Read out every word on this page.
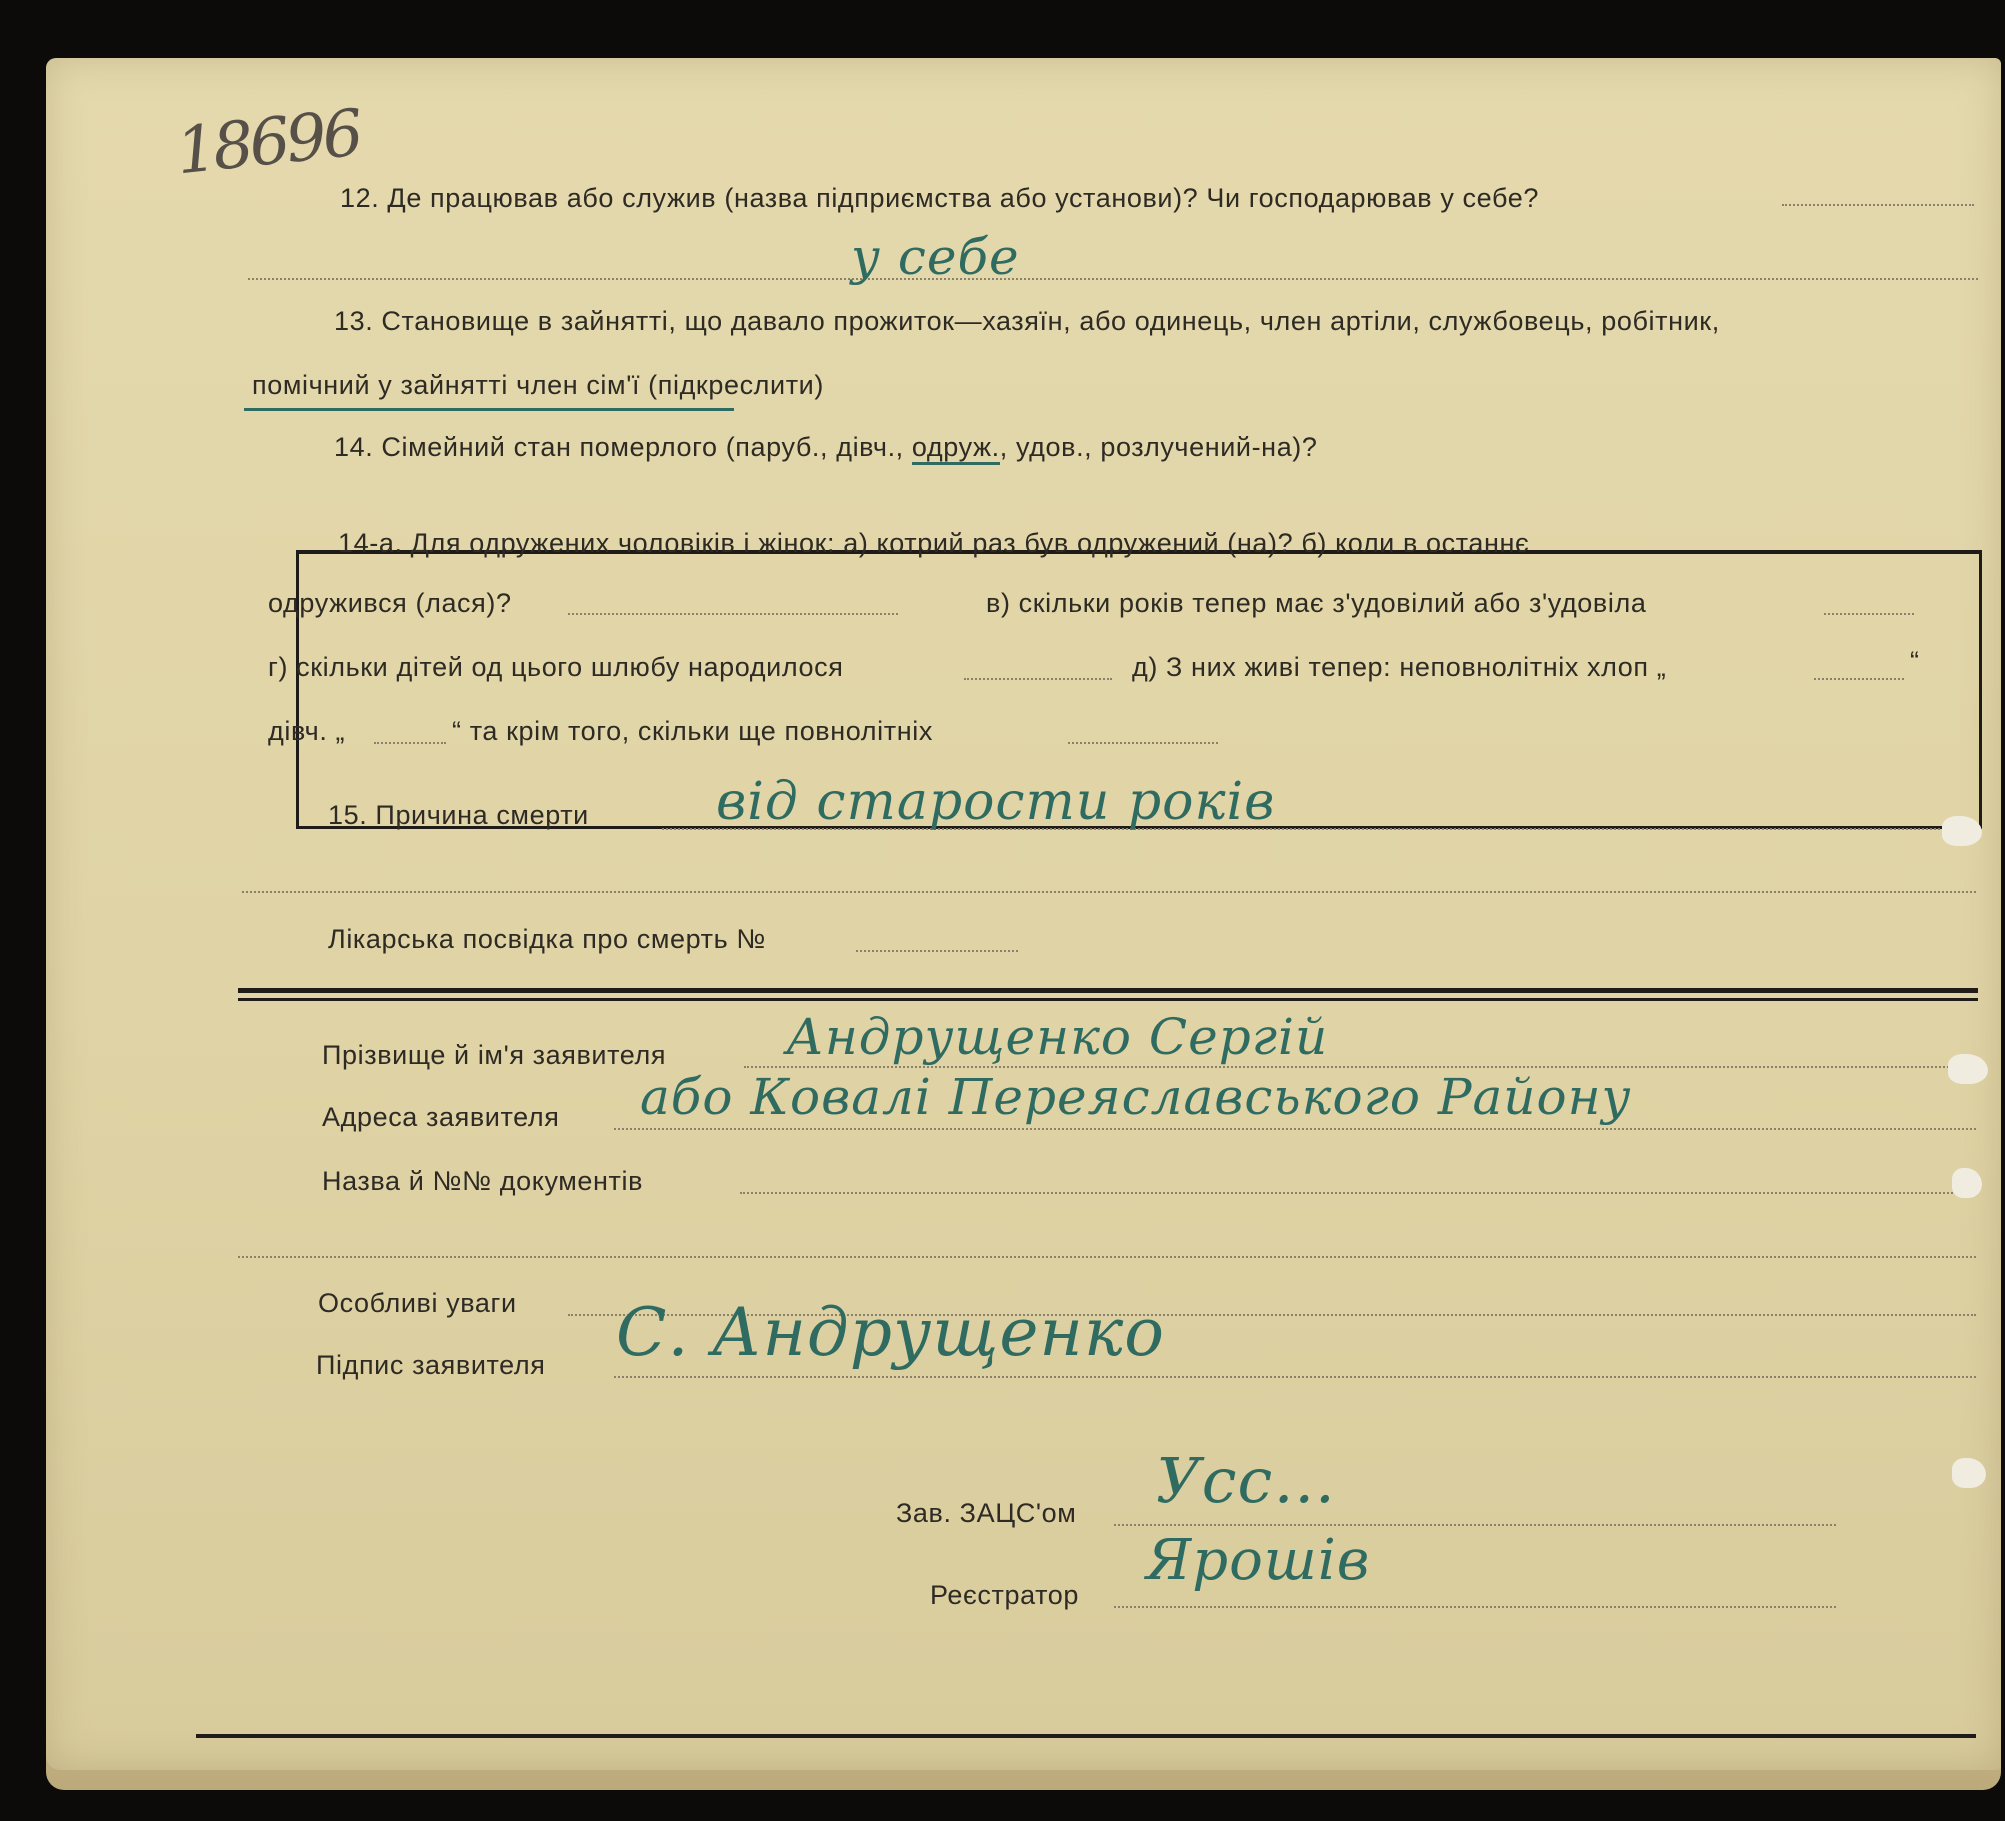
18696
12. Де працював або служив (назва підприємства або установи)? Чи господарював у себе?
у себе
13. Становище в зайнятті, що давало прожиток—хазяїн, або одинець, член артіли, службовець, робітник,
помічний у зайнятті член сім'ї (підкреслити)
14. Сімейний стан померлого (паруб., дівч., одруж., удов., розлучений-на)?
14-а. Для одружених чоловіків і жінок: а) котрий раз був одружений (на)? б) коли в останнє
одружився (лася)?	в) скільки років тепер має з'удовілий або з'удовіла
г) скільки дітей од цього шлюбу народилося	д) З них живі тепер: неповнолітніх хлоп „	“
дівч. „	“ та крім того, скільки ще повнолітніх
15. Причина смерти від старости років
Лікарська посвідка про смерть №
Прізвище й ім'я заявителя Андрущенко Сергій
Адреса заявителя або Ковалі Переяславського Району
Назва й №№ документів
Особливі уваги
Підпис заявителя С. Андрущенко
Зав. ЗАЦС'ом Усс…
Реєстратор
Ярошів
